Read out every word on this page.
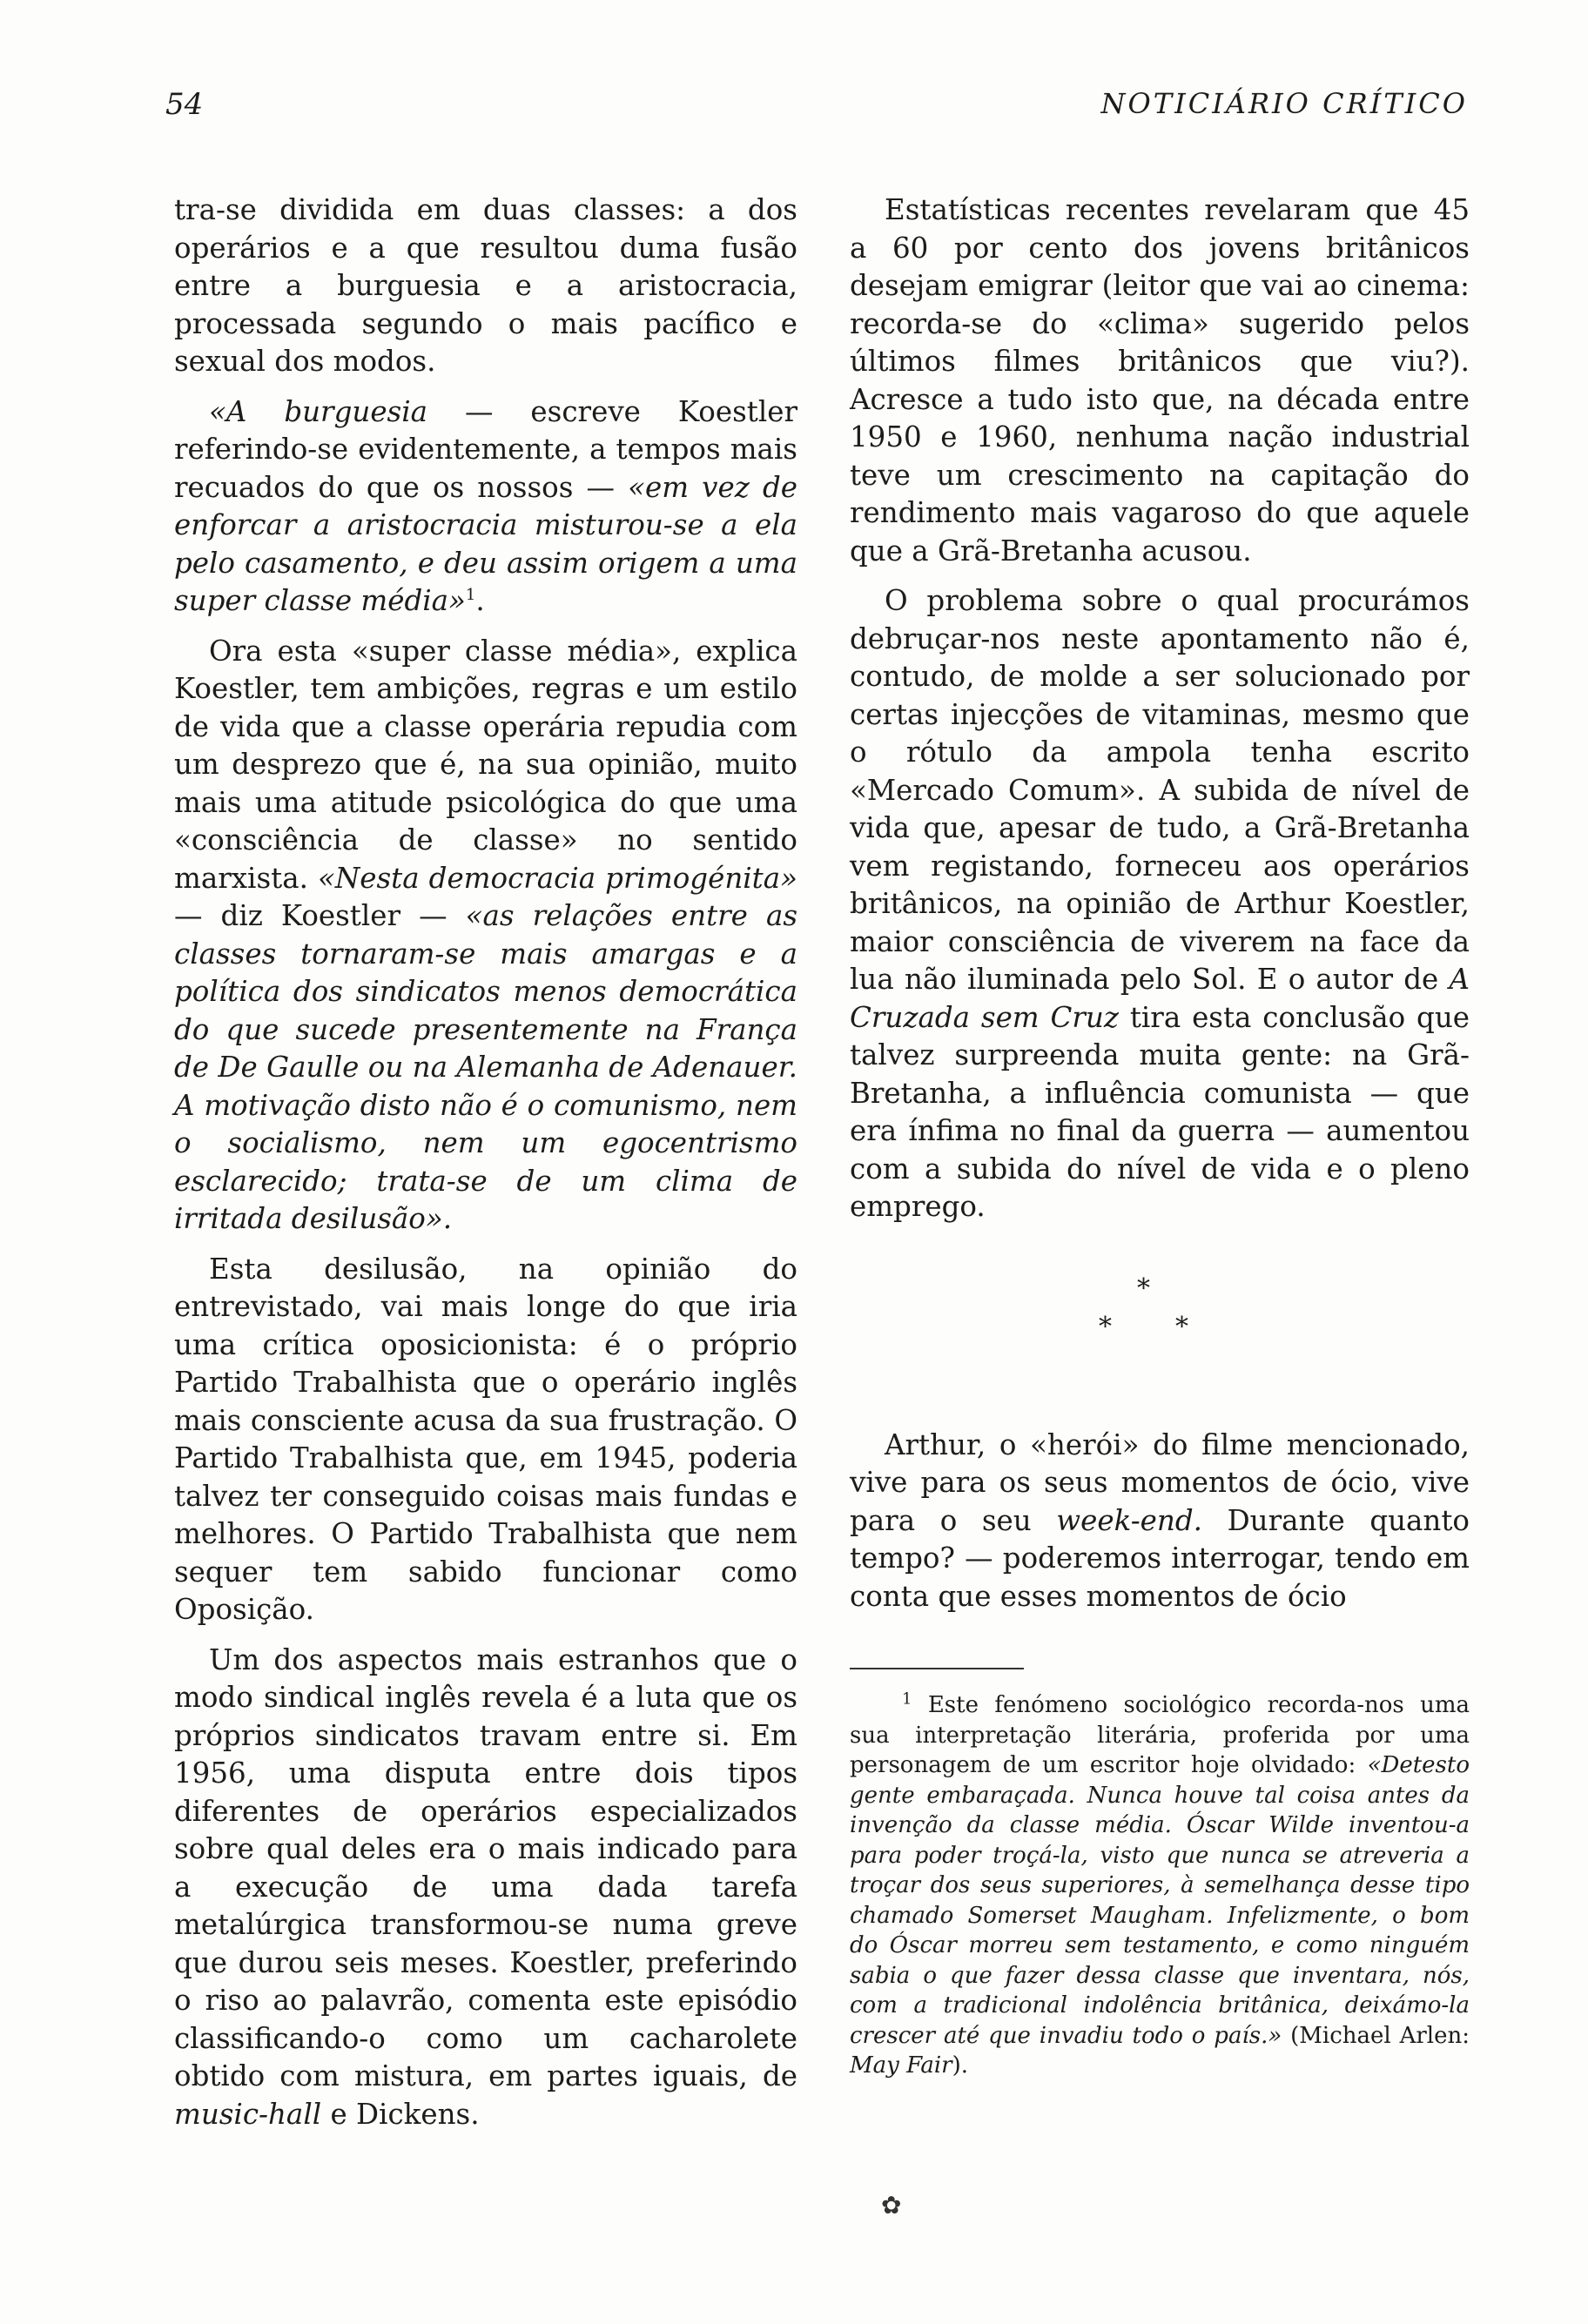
54	NOTICIÁRIO CRÍTICO

tra-se dividida em duas classes: a dos operários e a que resultou duma fusão entre a burguesia e a aristocracia, processada segundo o mais pacífico e sexual dos modos.

«A burguesia — escreve Koestler referindo-se evidentemente, a tempos mais recuados do que os nossos — «em vez de enforcar a aristocracia misturou-se a ela pelo casamento, e deu assim origem a uma super classe média»$^1$.

Ora esta «super classe média», explica Koestler, tem ambições, regras e um estilo de vida que a classe operária repudia com um desprezo que é, na sua opinião, muito mais uma atitude psicológica do que uma «consciência de classe» no sentido marxista. «Nesta democracia primogénita» — diz Koestler — «as relações entre as classes tornaram-se mais amargas e a política dos sindicatos menos democrática do que sucede presentemente na França de De Gaulle ou na Alemanha de Adenauer. A motivação disto não é o comunismo, nem o socialismo, nem um egocentrismo esclarecido; trata-se de um clima de irritada desilusão».

Esta desilusão, na opinião do entrevistado, vai mais longe do que iria uma crítica oposicionista: é o próprio Partido Trabalhista que o operário inglês mais consciente acusa da sua frustração. O Partido Trabalhista que, em 1945, poderia talvez ter conseguido coisas mais fundas e melhores. O Partido Trabalhista que nem sequer tem sabido funcionar como Oposição.

Um dos aspectos mais estranhos que o modo sindical inglês revela é a luta que os próprios sindicatos travam entre si. Em 1956, uma disputa entre dois tipos diferentes de operários especializados sobre qual deles era o mais indicado para a execução de uma dada tarefa metalúrgica transformou-se numa greve que durou seis meses. Koestler, preferindo o riso ao palavrão, comenta este episódio classificando-o como um cacharolete obtido com mistura, em partes iguais, de music-hall e Dickens.

Estatísticas recentes revelaram que 45 a 60 por cento dos jovens britânicos desejam emigrar (leitor que vai ao cinema: recorda-se do «clima» sugerido pelos últimos filmes britânicos que viu?). Acresce a tudo isto que, na década entre 1950 e 1960, nenhuma nação industrial teve um crescimento na capitação do rendimento mais vagaroso do que aquele que a Grã-Bretanha acusou.

O problema sobre o qual procurámos debruçar-nos neste apontamento não é, contudo, de molde a ser solucionado por certas injecções de vitaminas, mesmo que o rótulo da ampola tenha escrito «Mercado Comum». A subida de nível de vida que, apesar de tudo, a Grã-Bretanha vem registando, forneceu aos operários britânicos, na opinião de Arthur Koestler, maior consciência de viverem na face da lua não iluminada pelo Sol. E o autor de A Cruzada sem Cruz tira esta conclusão que talvez surpreenda muita gente: na Grã-Bretanha, a influência comunista — que era ínfima no final da guerra — aumentou com a subida do nível de vida e o pleno emprego.

*
* *

Arthur, o «herói» do filme mencionado, vive para os seus momentos de ócio, vive para o seu week-end. Durante quanto tempo? — poderemos interrogar, tendo em conta que esses momentos de ócio

$^1$ Este fenómeno sociológico recorda-nos uma sua interpretação literária, proferida por uma personagem de um escritor hoje olvidado: «Detesto gente embaraçada. Nunca houve tal coisa antes da invenção da classe média. Óscar Wilde inventou-a para poder troçá-la, visto que nunca se atreveria a troçar dos seus superiores, à semelhança desse tipo chamado Somerset Maugham. Infelizmente, o bom do Óscar morreu sem testamento, e como ninguém sabia o que fazer dessa classe que inventara, nós, com a tradicional indolência britânica, deixámo-la crescer até que invadiu todo o país.» (Michael Arlen: May Fair).

✿
